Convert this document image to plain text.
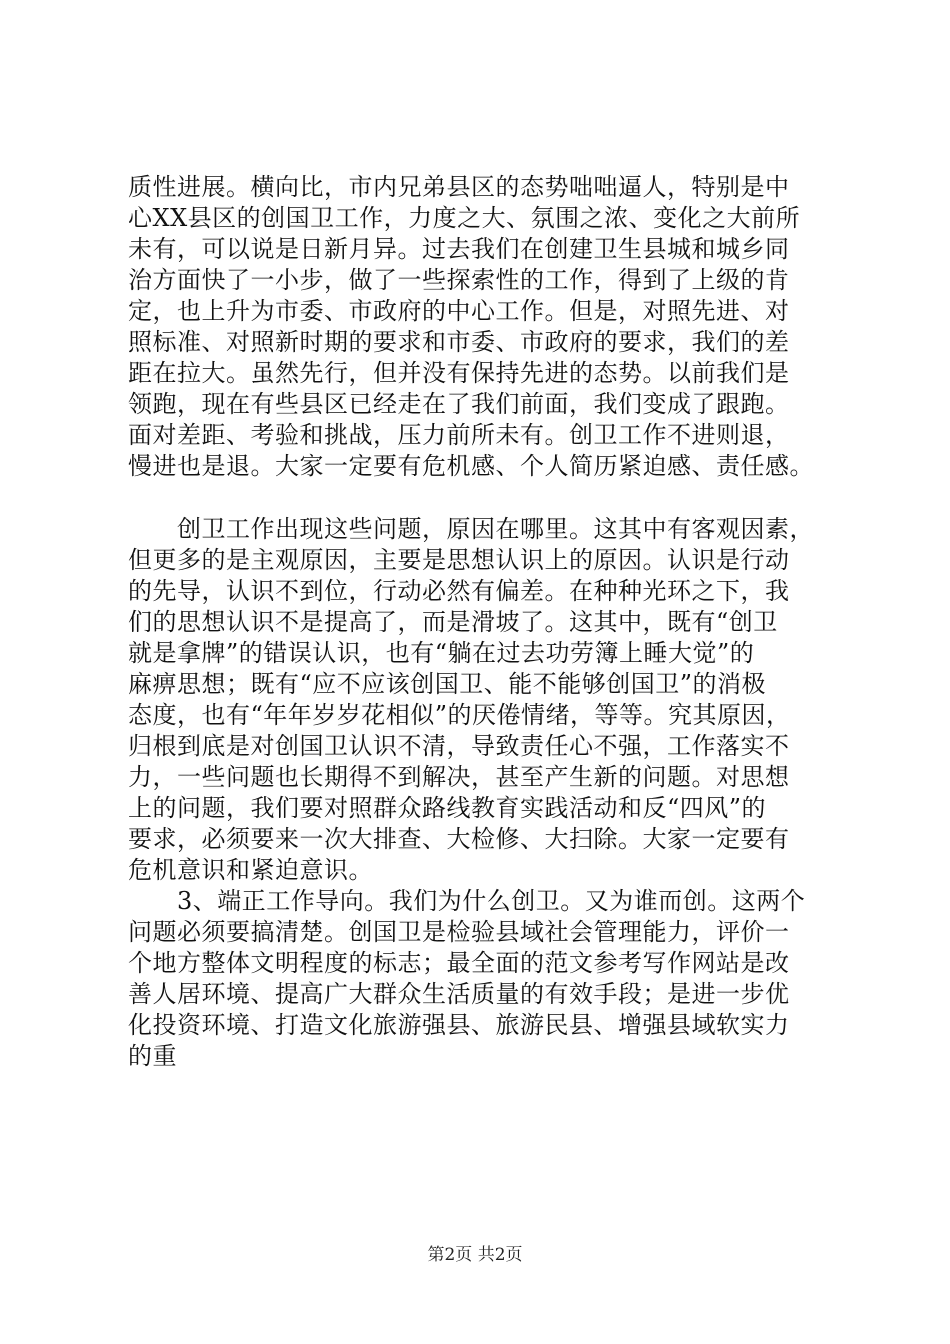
质性进展。横向比，市内兄弟县区的态势咄咄逼人，特别是中
心XX县区的创国卫工作，力度之大、氛围之浓、变化之大前所
未有，可以说是日新月异。过去我们在创建卫生县城和城乡同
治方面快了一小步，做了一些探索性的工作，得到了上级的肯
定，也上升为市委、市政府的中心工作。但是，对照先进、对
照标准、对照新时期的要求和市委、市政府的要求，我们的差
距在拉大。虽然先行，但并没有保持先进的态势。以前我们是
领跑，现在有些县区已经走在了我们前面，我们变成了跟跑。
面对差距、考验和挑战，压力前所未有。创卫工作不进则退，
慢进也是退。大家一定要有危机感、个人简历紧迫感、责任感。
　　创卫工作出现这些问题，原因在哪里。这其中有客观因素，
但更多的是主观原因，主要是思想认识上的原因。认识是行动
的先导，认识不到位，行动必然有偏差。在种种光环之下，我
们的思想认识不是提高了，而是滑坡了。这其中，既有“创卫
就是拿牌”的错误认识，也有“躺在过去功劳簿上睡大觉”的
麻痹思想；既有“应不应该创国卫、能不能够创国卫”的消极
态度，也有“年年岁岁花相似”的厌倦情绪，等等。究其原因，
归根到底是对创国卫认识不清，导致责任心不强，工作落实不
力，一些问题也长期得不到解决，甚至产生新的问题。对思想
上的问题，我们要对照群众路线教育实践活动和反“四风”的
要求，必须要来一次大排查、大检修、大扫除。大家一定要有
危机意识和紧迫意识。
　　3、端正工作导向。我们为什么创卫。又为谁而创。这两个
问题必须要搞清楚。创国卫是检验县域社会管理能力，评价一
个地方整体文明程度的标志；最全面的范文参考写作网站是改
善人居环境、提高广大群众生活质量的有效手段；是进一步优
化投资环境、打造文化旅游强县、旅游民县、增强县域软实力
的重
第2页 共2页
